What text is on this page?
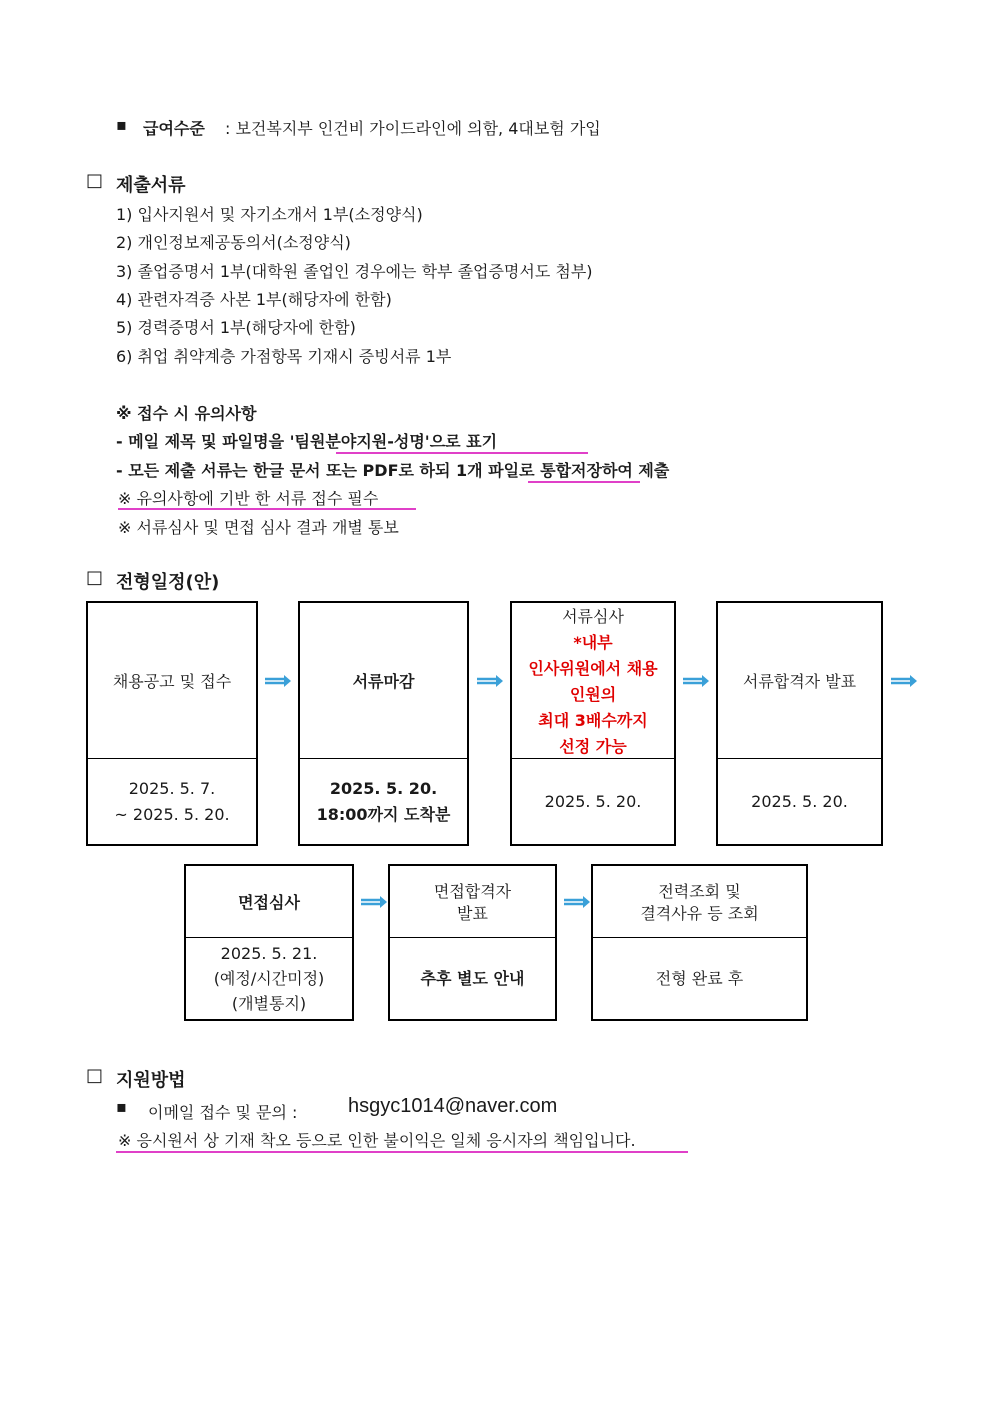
▪ 급여수준 : 보건복지부 인건비 가이드라인에 의함, 4대보험 가입
□ 제출서류
1) 입사지원서 및 자기소개서 1부(소정양식)
2) 개인정보제공동의서(소정양식)
3) 졸업증명서 1부(대학원 졸업인 경우에는 학부 졸업증명서도 첨부)
4) 관련자격증 사본 1부(해당자에 한함)
5) 경력증명서 1부(해당자에 한함)
6) 취업 취약계층 가점항목 기재시 증빙서류 1부
※ 접수 시 유의사항
- 메일 제목 및 파일명을 '팀원분야지원-성명'으로 표기
- 모든 제출 서류는 한글 문서 또는 PDF로 하되 1개 파일로 통합저장하여 제출
※ 유의사항에 기반 한 서류 접수 필수
※ 서류심사 및 면접 심사 결과 개별 통보
□ 전형일정(안)
채용공고 및 접수
2025. 5. 7.
~ 2025. 5. 20.
서류마감
2025. 5. 20.
18:00까지 도착분
서류심사
*내부
인사위원에서 채용
인원의
최대 3배수까지
선정 가능
2025. 5. 20.
서류합격자 발표
2025. 5. 20.
면접심사
2025. 5. 21.
(예정/시간미정)
(개별통지)
면접합격자
발표
추후 별도 안내
전력조회 및
결격사유 등 조회
전형 완료 후
□ 지원방법
▪ 이메일 접수 및 문의 :	hsgyc1014@naver.com
※ 응시원서 상 기재 착오 등으로 인한 불이익은 일체 응시자의 책임입니다.
